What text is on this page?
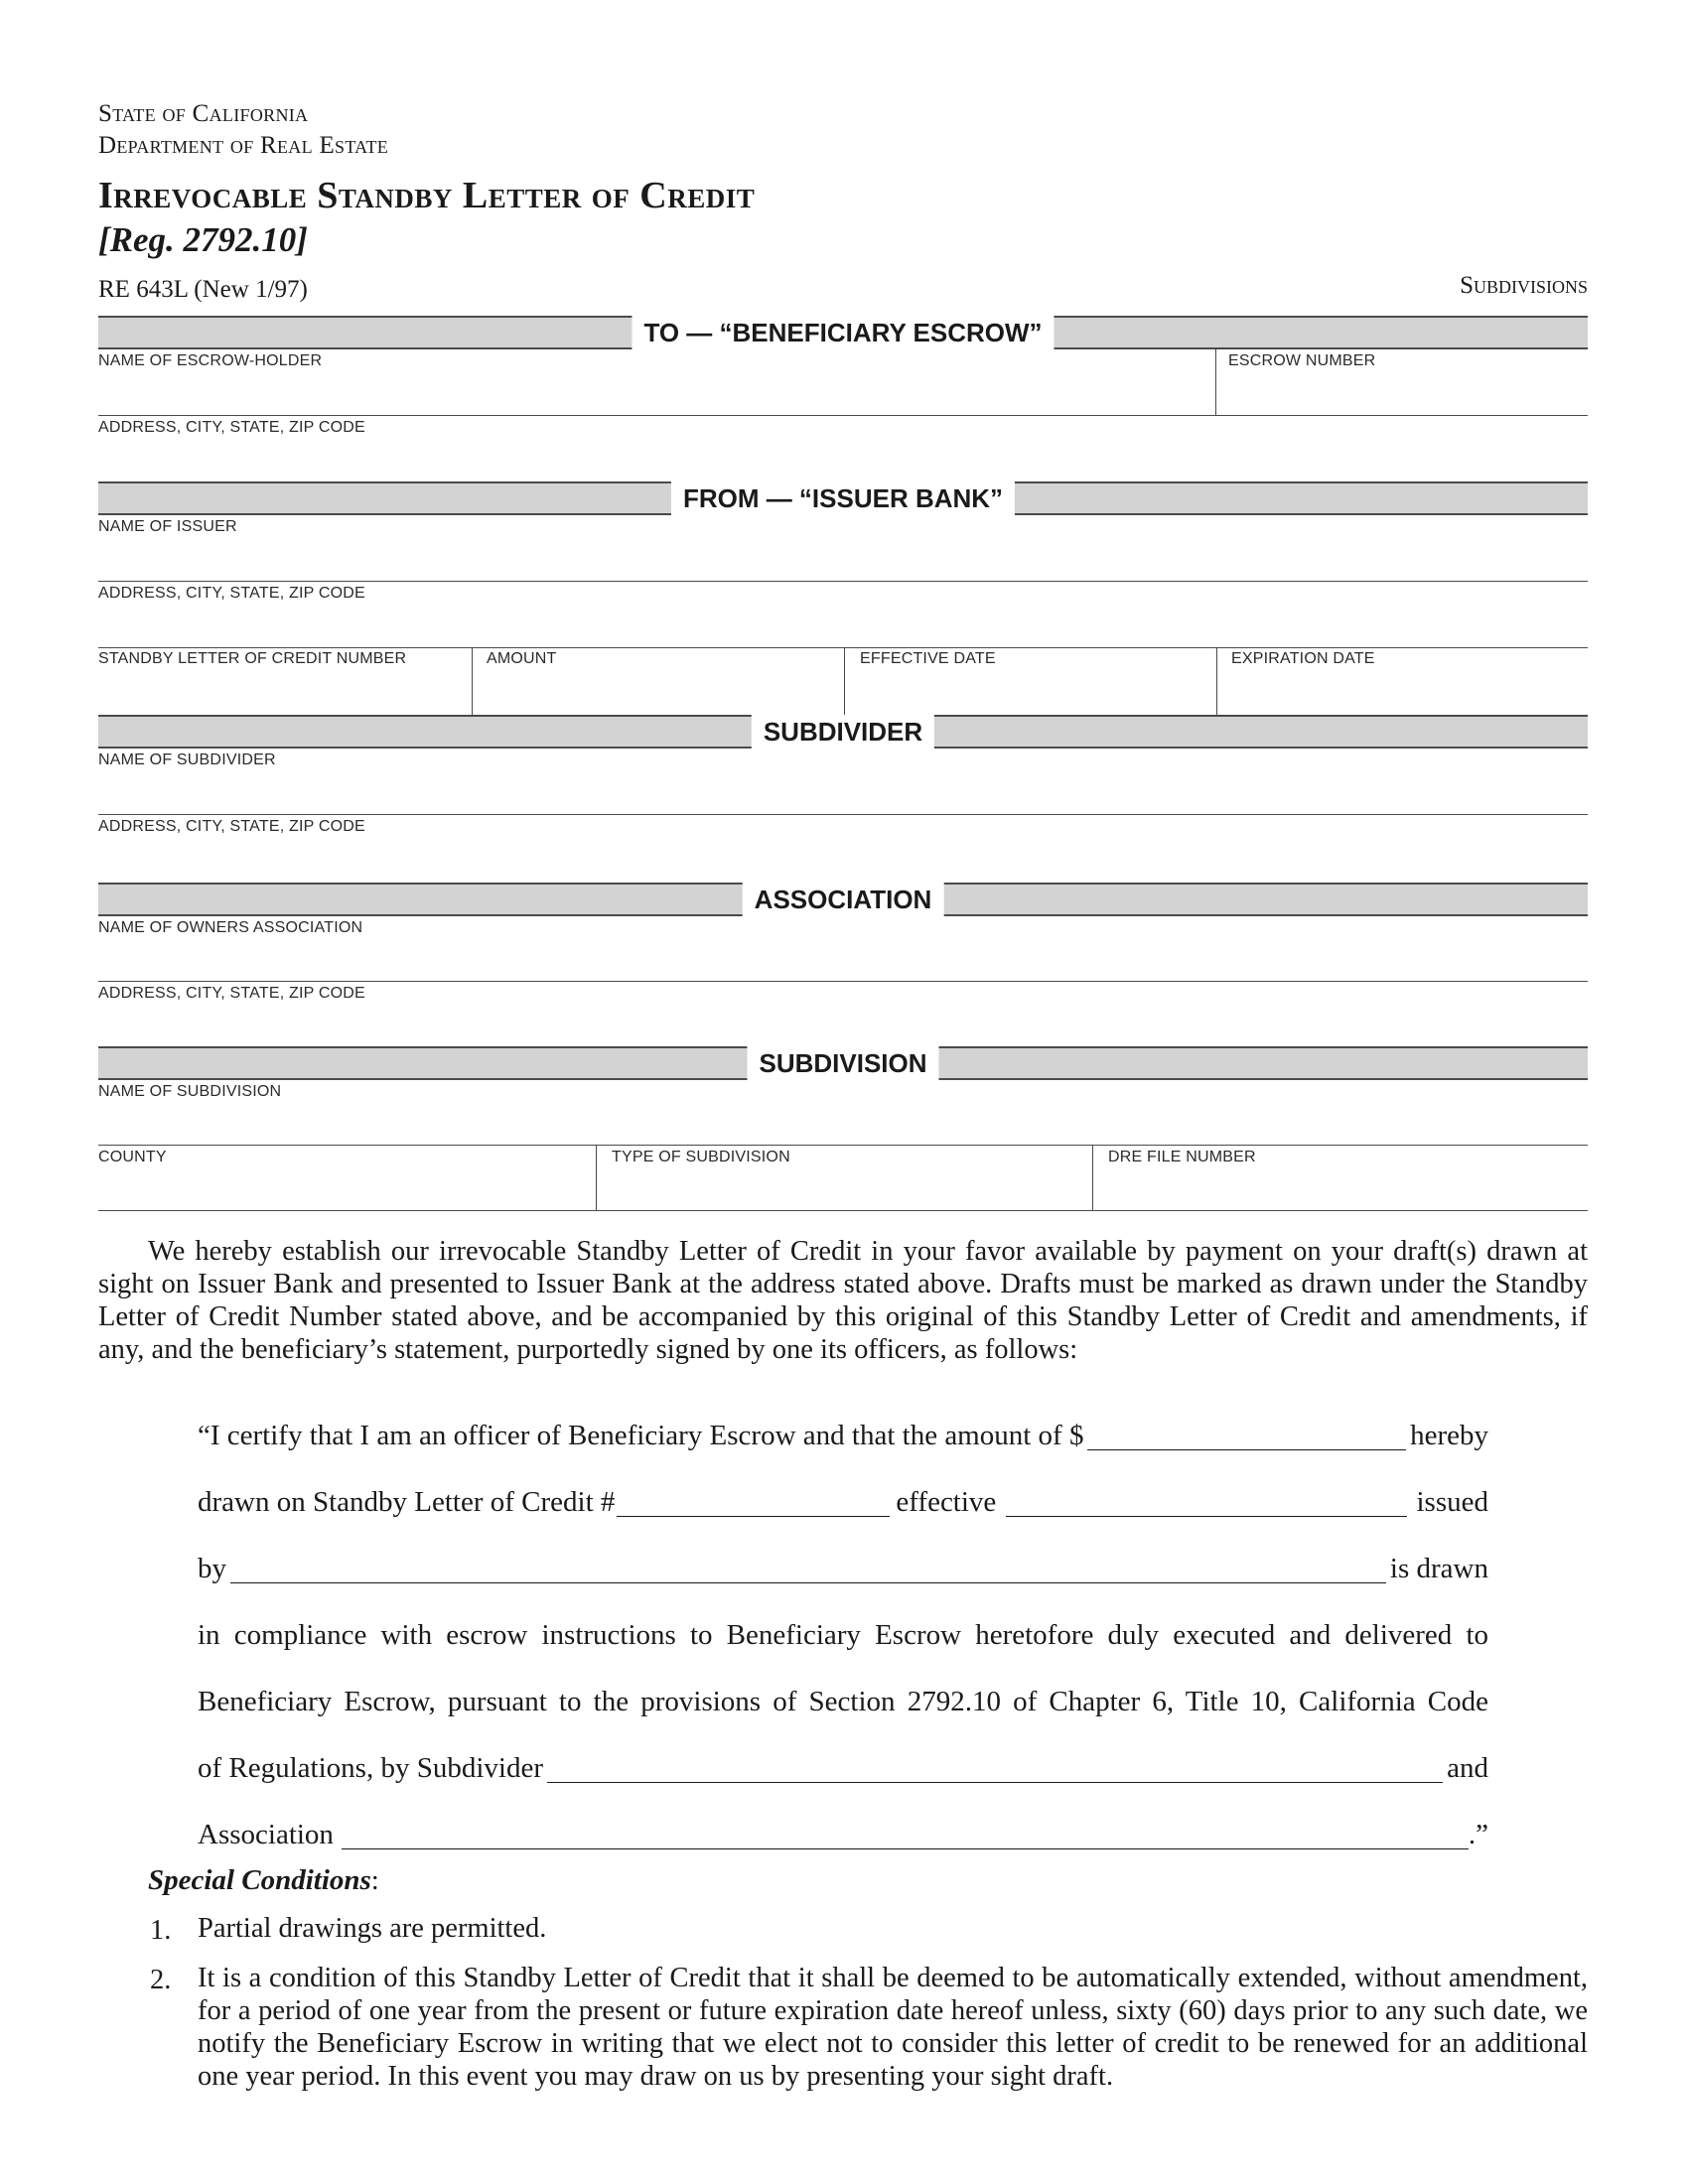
State of California
Department of Real Estate
Irrevocable Standby Letter of Credit
[Reg. 2792.10]
RE 643L (New 1/97)	Subdivisions
TO — “BENEFICIARY ESCROW”
NAME OF ESCROW-HOLDER	ESCROW NUMBER
ADDRESS, CITY, STATE, ZIP CODE
FROM — “ISSUER BANK”
NAME OF ISSUER
ADDRESS, CITY, STATE, ZIP CODE
STANDBY LETTER OF CREDIT NUMBER	AMOUNT	EFFECTIVE DATE	EXPIRATION DATE
SUBDIVIDER
NAME OF SUBDIVIDER
ADDRESS, CITY, STATE, ZIP CODE
ASSOCIATION
NAME OF OWNERS ASSOCIATION
ADDRESS, CITY, STATE, ZIP CODE
SUBDIVISION
NAME OF SUBDIVISION
COUNTY	TYPE OF SUBDIVISION	DRE FILE NUMBER
We hereby establish our irrevocable Standby Letter of Credit in your favor available by payment on your draft(s) drawn at sight on Issuer Bank and presented to Issuer Bank at the address stated above. Drafts must be marked as drawn under the Standby Letter of Credit Number stated above, and be accompanied by this original of this Standby Letter of Credit and amendments, if any, and the beneficiary’s statement, purportedly signed by one its officers, as follows:
“I certify that I am an officer of Beneficiary Escrow and that the amount of $	hereby
drawn on Standby Letter of Credit #	effective	issued
by	is drawn
in compliance with escrow instructions to Beneficiary Escrow heretofore duly executed and delivered to
Beneficiary Escrow, pursuant to the provisions of Section 2792.10 of Chapter 6, Title 10, California Code
of Regulations, by Subdivider	and
Association	.”
Special Conditions:
1. Partial drawings are permitted.
2. It is a condition of this Standby Letter of Credit that it shall be deemed to be automatically extended, without amendment, for a period of one year from the present or future expiration date hereof unless, sixty (60) days prior to any such date, we notify the Beneficiary Escrow in writing that we elect not to consider this letter of credit to be renewed for an additional one year period. In this event you may draw on us by presenting your sight draft.
